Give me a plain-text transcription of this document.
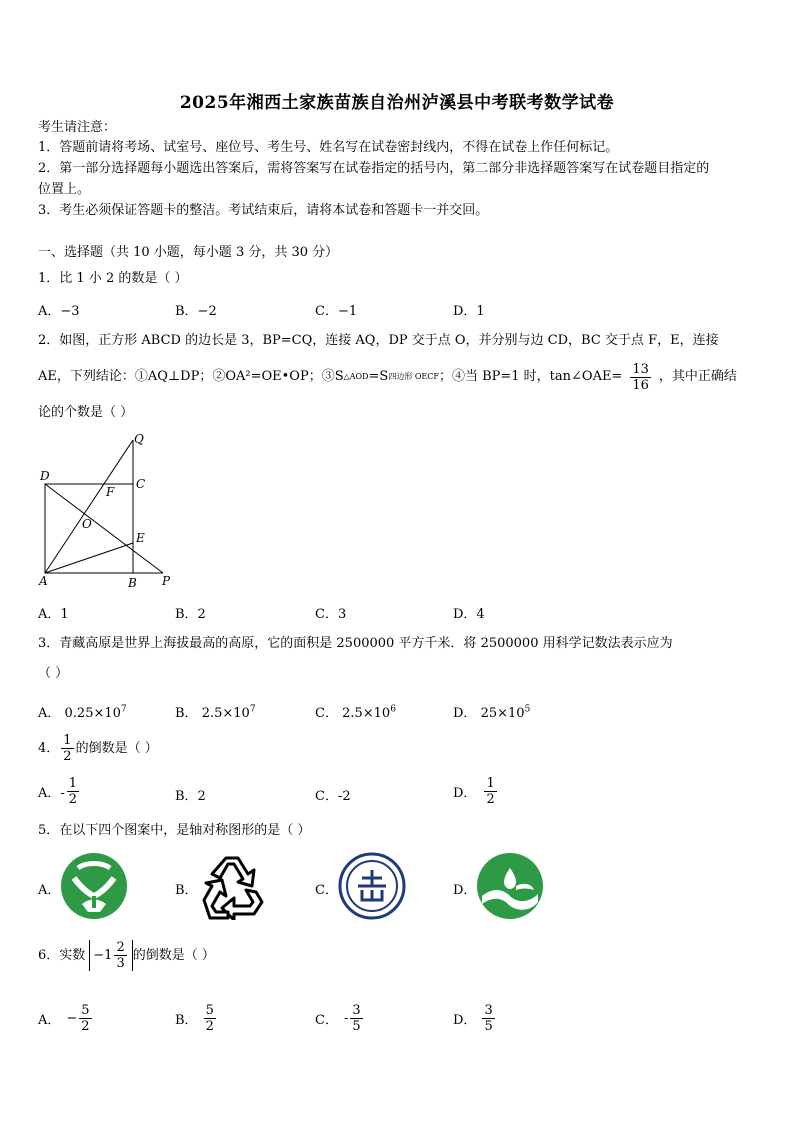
2025年湘西土家族苗族自治州泸溪县中考联考数学试卷
考生请注意：
1．答题前请将考场、试室号、座位号、考生号、姓名写在试卷密封线内，不得在试卷上作任何标记。
2．第一部分选择题每小题选出答案后，需将答案写在试卷指定的括号内，第二部分非选择题答案写在试卷题目指定的
位置上。
3．考生必须保证答题卡的整洁。考试结束后，请将本试卷和答题卡一并交回。
一、选择题（共 10 小题，每小题 3 分，共 30 分）
1．比 1 小 2 的数是（ ）
A．−3	B．−2	C．−1	D．1
2．如图，正方形 ABCD 的边长是 3，BP=CQ，连接 AQ，DP 交于点 O，并分别与边 CD，BC 交于点 F，E，连接
AE，下列结论：①AQ⊥DP；②OA²=OE•OP；③S △AOD =S 四边形 OECF ；④当 BP=1 时，tan∠OAE= $\frac{13}{16}$ ，其中正确结
论的个数是（ ）
Q
D
C
F
O
E
A	B P
A．1	B．2	C．3	D．4
3．青藏高原是世界上海拔最高的高原，它的面积是 2500000 平方千米．将 2500000 用科学记数法表示应为
（ ）
A． $0.25\times 10^7$	B． $2.5\times 10^7$	C． $2.5\times 10^6$	D． $25\times 10^5$
4． $\frac{1}{2}$ 的倒数是（ ）
A．- $\frac{1}{2}$	B．2	C．-2	D． $\frac{1}{2}$
5．在以下四个图案中，是轴对称图形的是（ ）
A．	B．	C．	D．
6．实数 $-1 \frac{2}{3}$ 的倒数是（ ）
A． − $\frac{5}{2}$	B． $\frac{5}{2}$	C． - $\frac{3}{5}$	D． $\frac{3}{5}$
